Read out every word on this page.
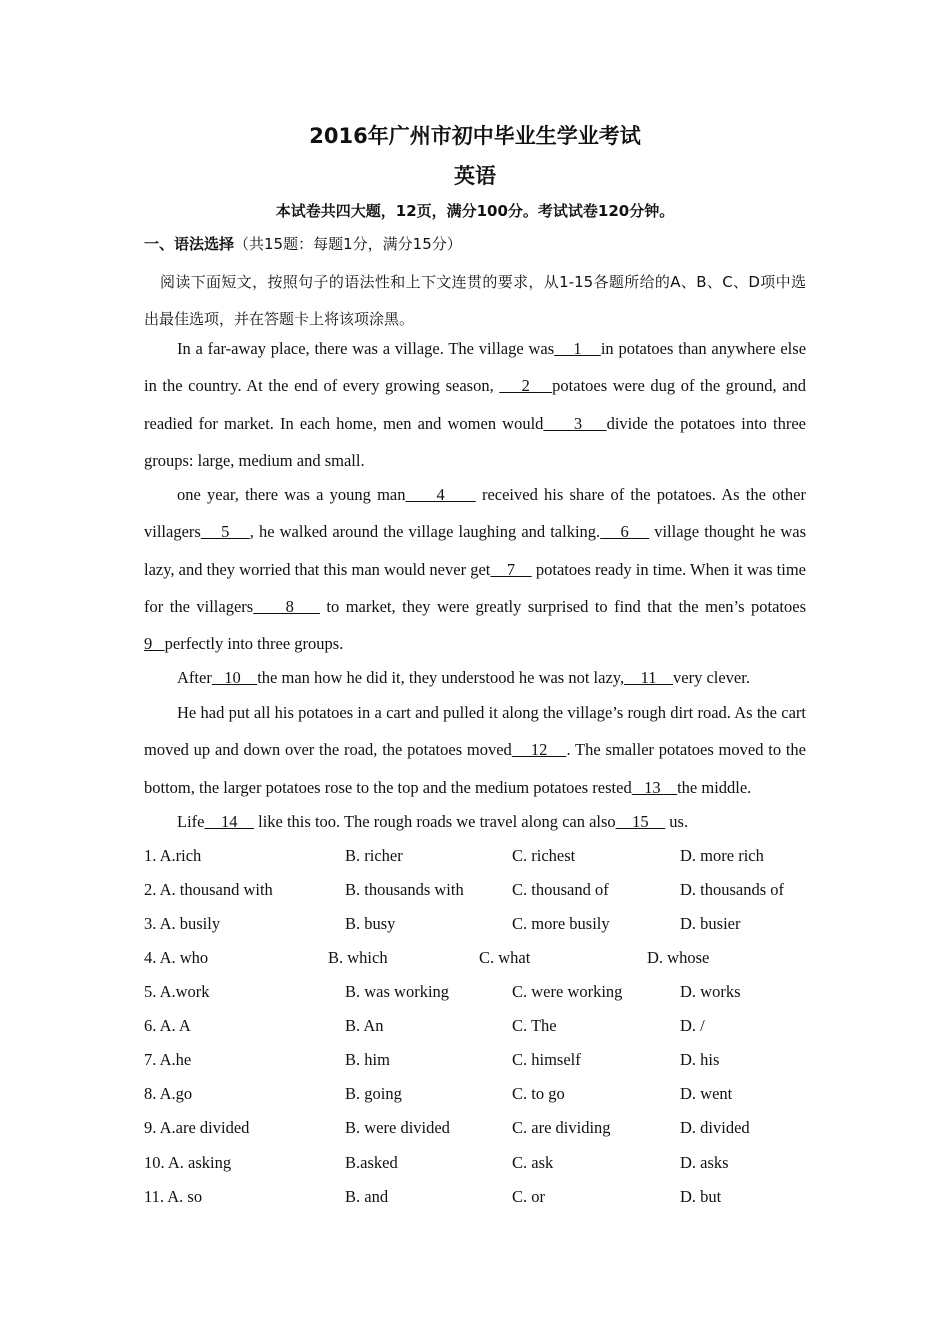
2016年广州市初中毕业生学业考试
英语
本试卷共四大题，12页，满分100分。考试试卷120分钟。
一、语法选择（共15题：每题1分，满分15分）
阅读下面短文，按照句子的语法性和上下文连贯的要求，从1-15各题所给的A、B、C、D项中选出最佳选项，并在答题卡上将该项涂黑。
In a far-away place, there was a village. The village was    1    in potatoes than anywhere else in the country. At the end of every growing season,     2    potatoes were dug of the ground, and readied for market. In each home, men and women would     3    divide the potatoes into three groups: large, medium and small.
one year, there was a young man     4      received his share of the potatoes. As the other villagers    5    , he walked around the village laughing and talking.    6     village thought he was lazy, and they worried that this man would never get    7     potatoes ready in time. When it was time for the villagers     8     to market, they were greatly surprised to find that the men’s potatoes 9   perfectly into three groups.
After   10    the man how he did it, they understood he was not lazy,    11    very clever.
He had put all his potatoes in a cart and pulled it along the village’s rough dirt road. As the cart moved up and down over the road, the potatoes moved    12    . The smaller potatoes moved to the bottom, the larger potatoes rose to the top and the medium potatoes rested   13    the middle.
Life    14     like this too. The rough roads we travel along can also    15     us.
1. A.rich	B. richer	C. richest	D. more rich
2. A. thousand with	B. thousands with	C. thousand of	D. thousands of
3. A. busily	B. busy	C. more busily	D. busier
4. A. who	B. which	C. what	D. whose
5. A.work	B. was working	C. were working	D. works
6. A. A	B. An	C. The	D. /
7. A.he	B. him	C. himself	D. his
8. A.go	B. going	C. to go	D. went
9. A.are divided	B. were divided	C. are dividing	D. divided
10. A. asking	B.asked	C. ask	D. asks
11. A. so	B. and	C. or	D. but
